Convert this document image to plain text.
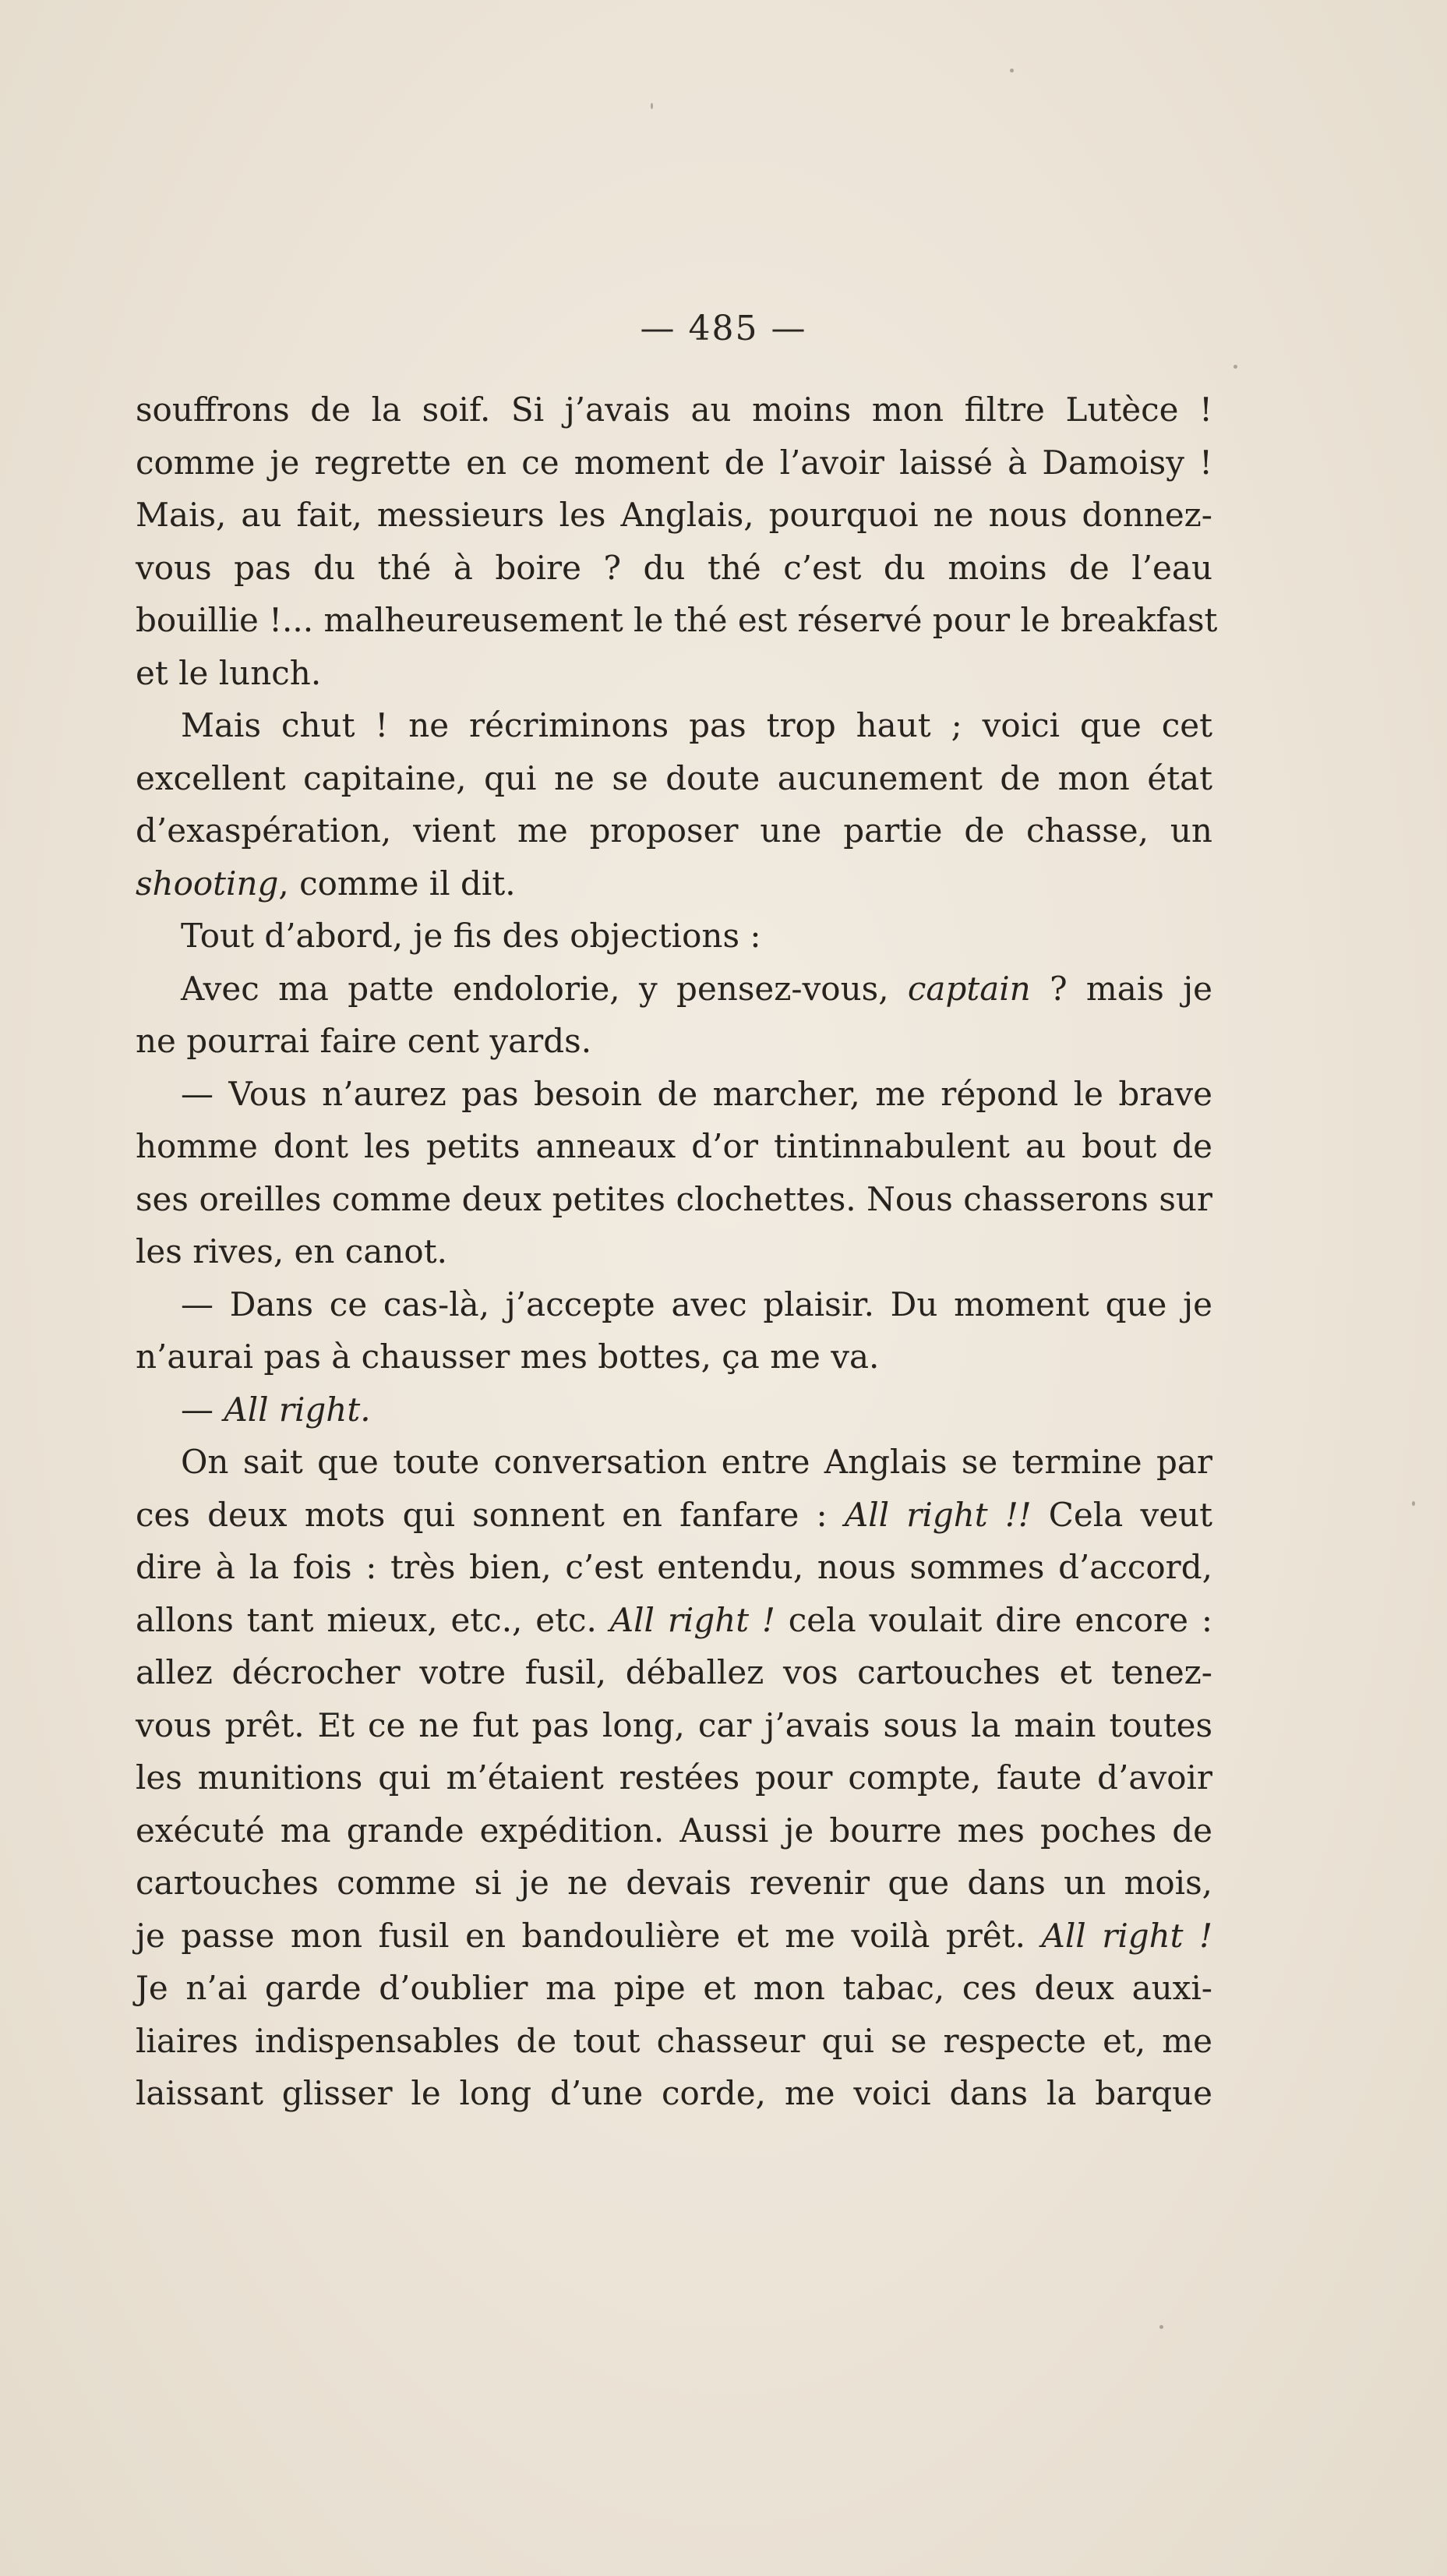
— 485 —
souffrons de la soif. Si j’avais au moins mon filtre Lutèce !
comme je regrette en ce moment de l’avoir laissé à Damoisy !
Mais, au fait, messieurs les Anglais, pourquoi ne nous donnez-
vous pas du thé à boire ? du thé c’est du moins de l’eau
bouillie !... malheureusement le thé est réservé pour le breakfast
et le lunch.
Mais chut ! ne récriminons pas trop haut ; voici que cet
excellent capitaine, qui ne se doute aucunement de mon état
d’exaspération, vient me proposer une partie de chasse, un
shooting, comme il dit.
Tout d’abord, je fis des objections :
Avec ma patte endolorie, y pensez-vous, captain ? mais je
ne pourrai faire cent yards.
— Vous n’aurez pas besoin de marcher, me répond le brave
homme dont les petits anneaux d’or tintinnabulent au bout de
ses oreilles comme deux petites clochettes. Nous chasserons sur
les rives, en canot.
— Dans ce cas-là, j’accepte avec plaisir. Du moment que je
n’aurai pas à chausser mes bottes, ça me va.
— All right.
On sait que toute conversation entre Anglais se termine par
ces deux mots qui sonnent en fanfare : All right !! Cela veut
dire à la fois : très bien, c’est entendu, nous sommes d’accord,
allons tant mieux, etc., etc. All right ! cela voulait dire encore :
allez décrocher votre fusil, déballez vos cartouches et tenez-
vous prêt. Et ce ne fut pas long, car j’avais sous la main toutes
les munitions qui m’étaient restées pour compte, faute d’avoir
exécuté ma grande expédition. Aussi je bourre mes poches de
cartouches comme si je ne devais revenir que dans un mois,
je passe mon fusil en bandoulière et me voilà prêt. All right !
Je n’ai garde d’oublier ma pipe et mon tabac, ces deux auxi-
liaires indispensables de tout chasseur qui se respecte et, me
laissant glisser le long d’une corde, me voici dans la barque
